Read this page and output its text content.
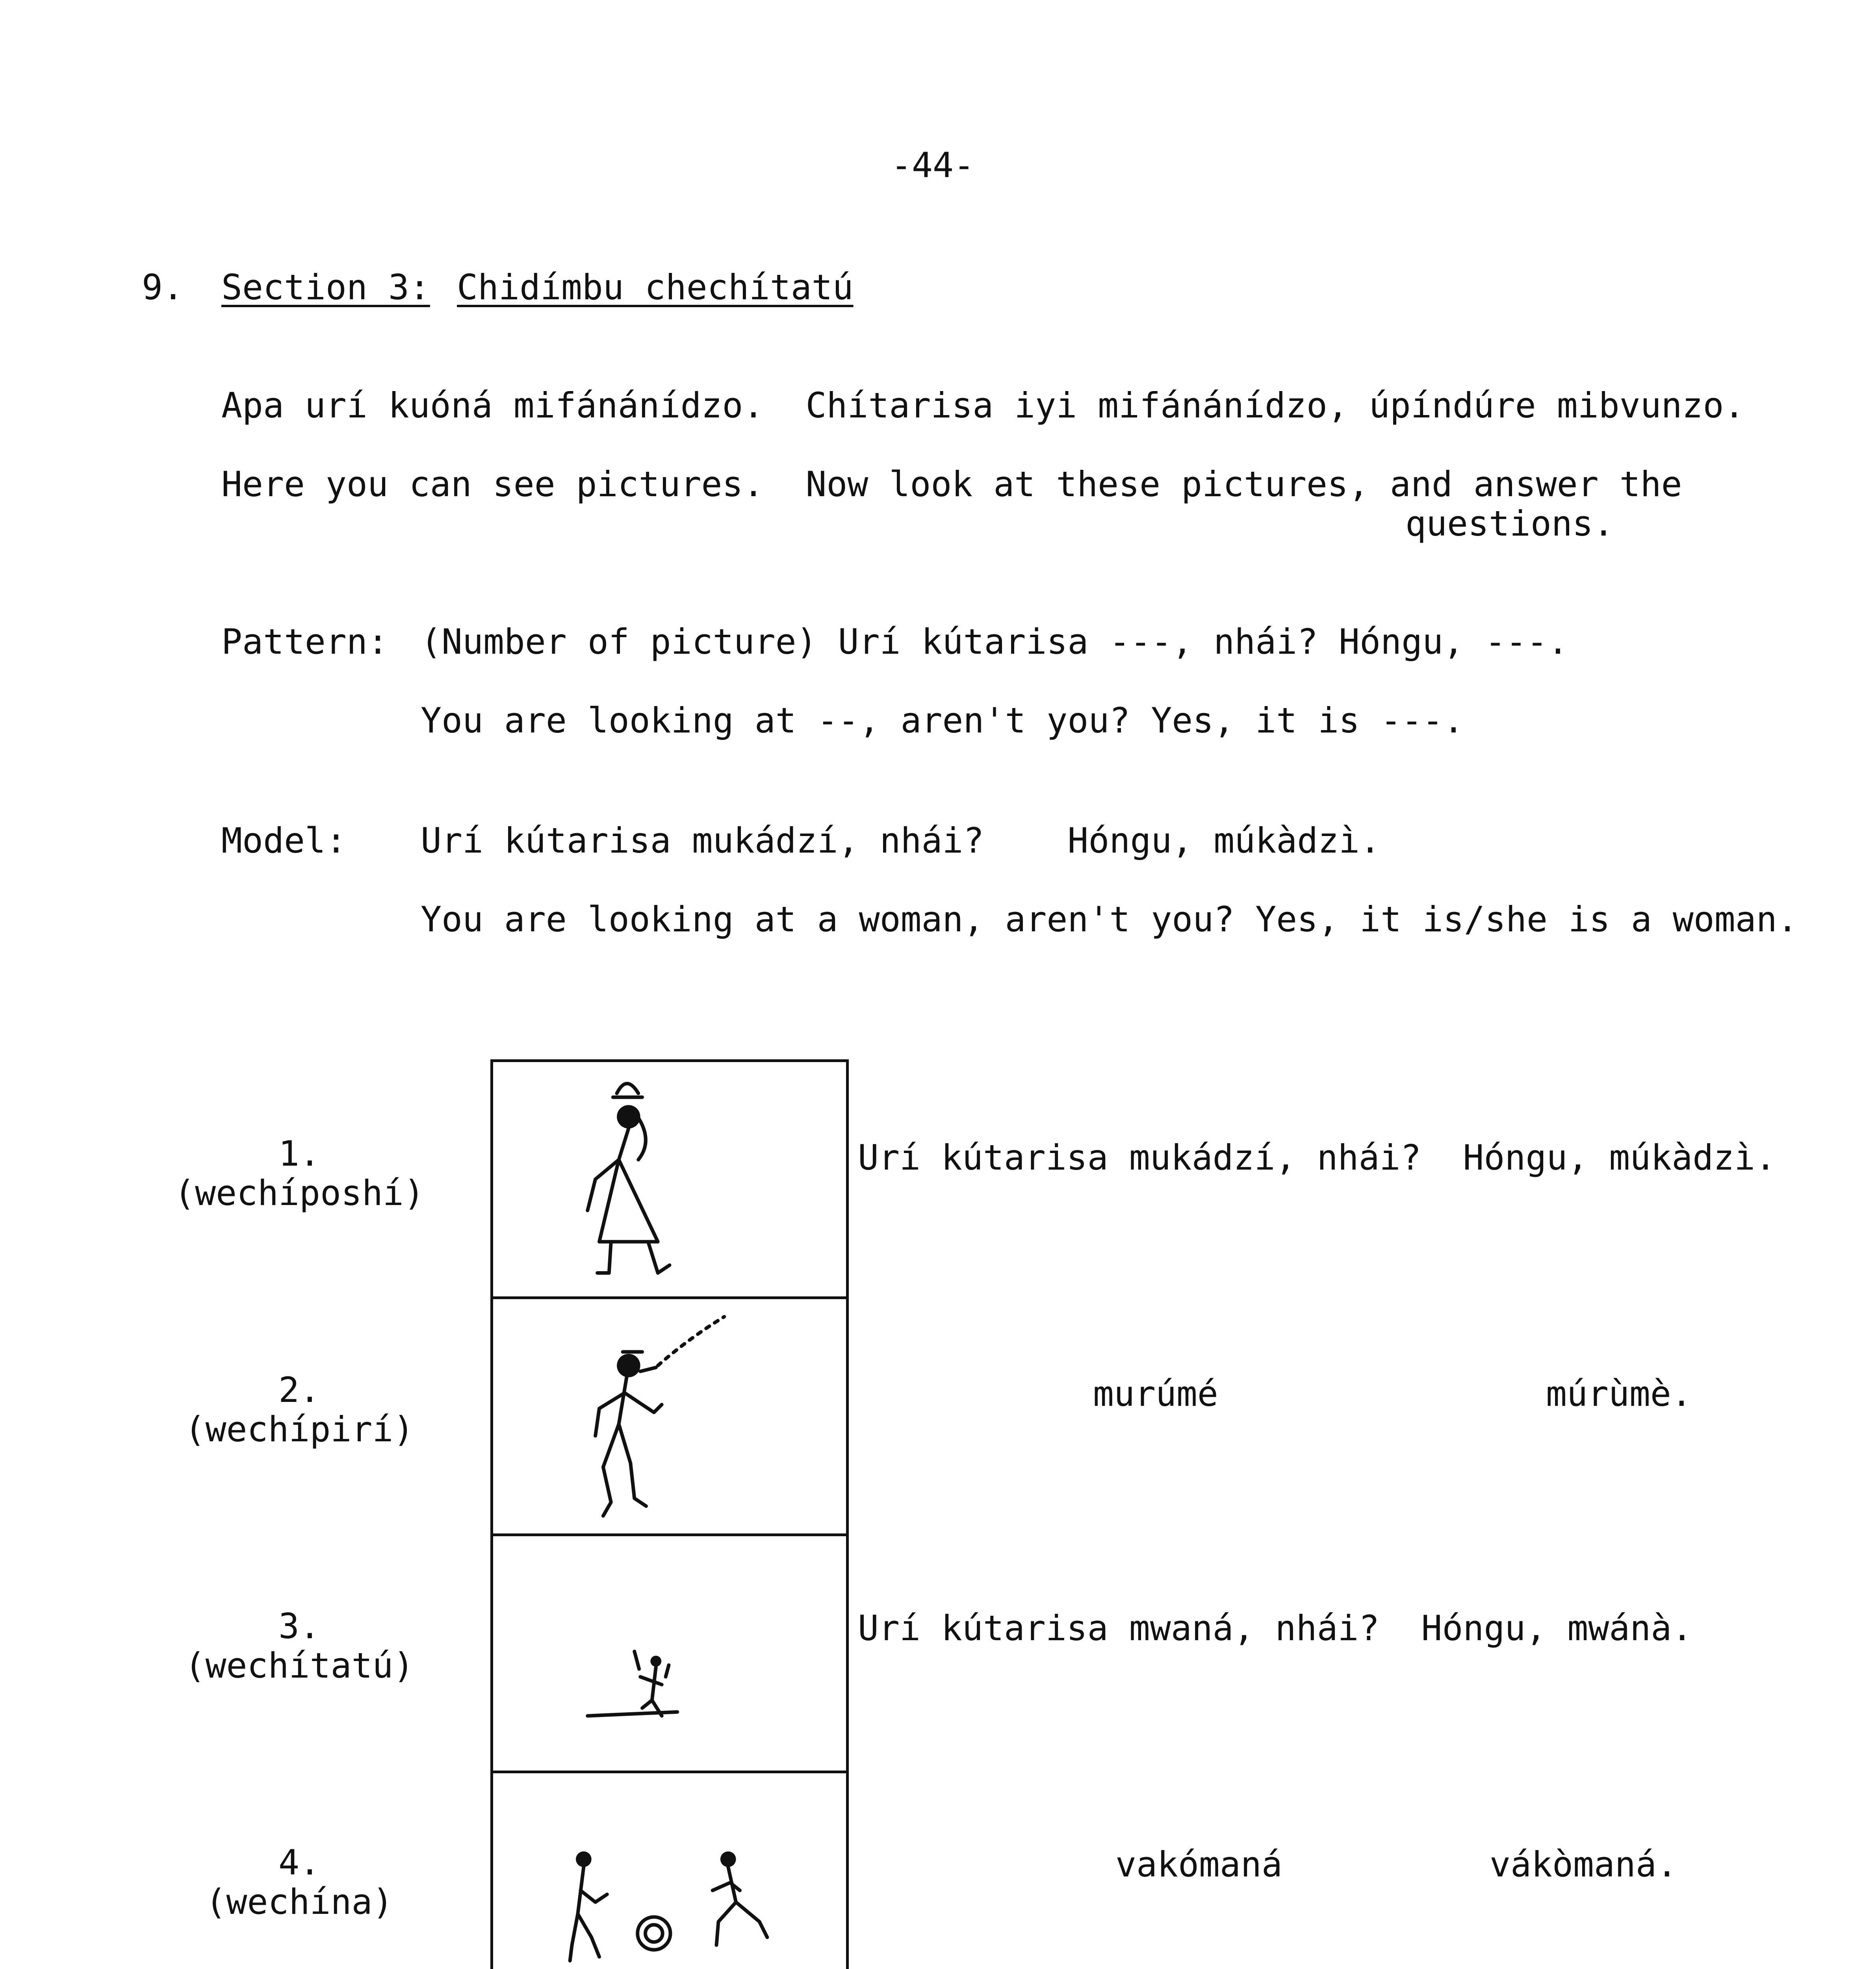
-44-
9. Section 3: Chidímbu chechítatú
Apa urí kuóná mifánánídzo.  Chítarisa iyi mifánánídzo, úpíndúre mibvunzo.
Here you can see pictures.  Now look at these pictures, and answer the
questions.
Pattern: (Number of picture) Urí kútarisa ---, nhái? Hóngu, ---.
You are looking at --, aren't you? Yes, it is ---.
Model: Urí kútarisa mukádzí, nhái?    Hóngu, múkàdzì.
You are looking at a woman, aren't you? Yes, it is/she is a woman.
1.
(wechíposhí)
2.
(wechípirí)
3.
(wechítatú)
4.
(wechína)
Urí kútarisa mukádzí, nhái?  Hóngu, múkàdzì.
murúmé	múrùmè.
Urí kútarisa mwaná, nhái?  Hóngu, mwánà.
vakómaná	vákòmaná.
